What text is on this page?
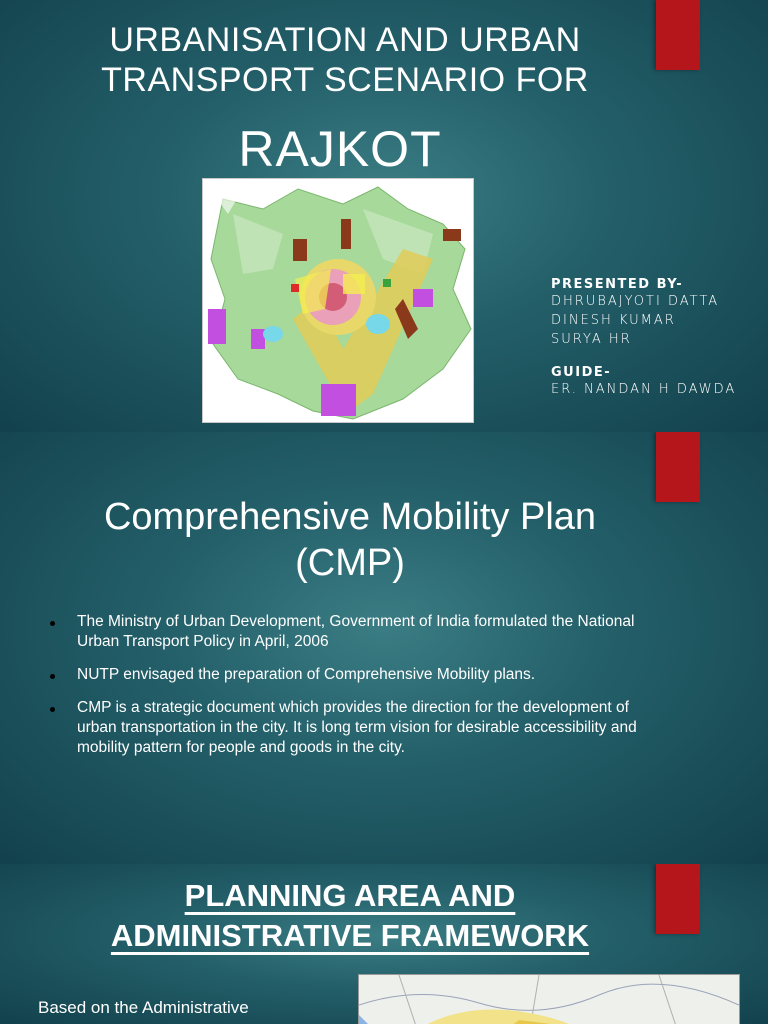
URBANISATION AND URBAN
TRANSPORT SCENARIO FOR
RAJKOT
PRESENTED BY-
DHRUBAJYOTI DATTA
DINESH KUMAR
SURYA HR
GUIDE-
ER. NANDAN H DAWDA
Comprehensive Mobility Plan
(CMP)
The Ministry of Urban Development, Government of India formulated the National Urban Transport Policy in April, 2006
NUTP envisaged the preparation of Comprehensive Mobility plans.
CMP is a strategic document which provides the direction for the development of urban transportation in the city. It is long term vision for desirable accessibility and mobility pattern for people and goods in the city.
PLANNING AREA AND
ADMINISTRATIVE FRAMEWORK
Based on the Administrative
